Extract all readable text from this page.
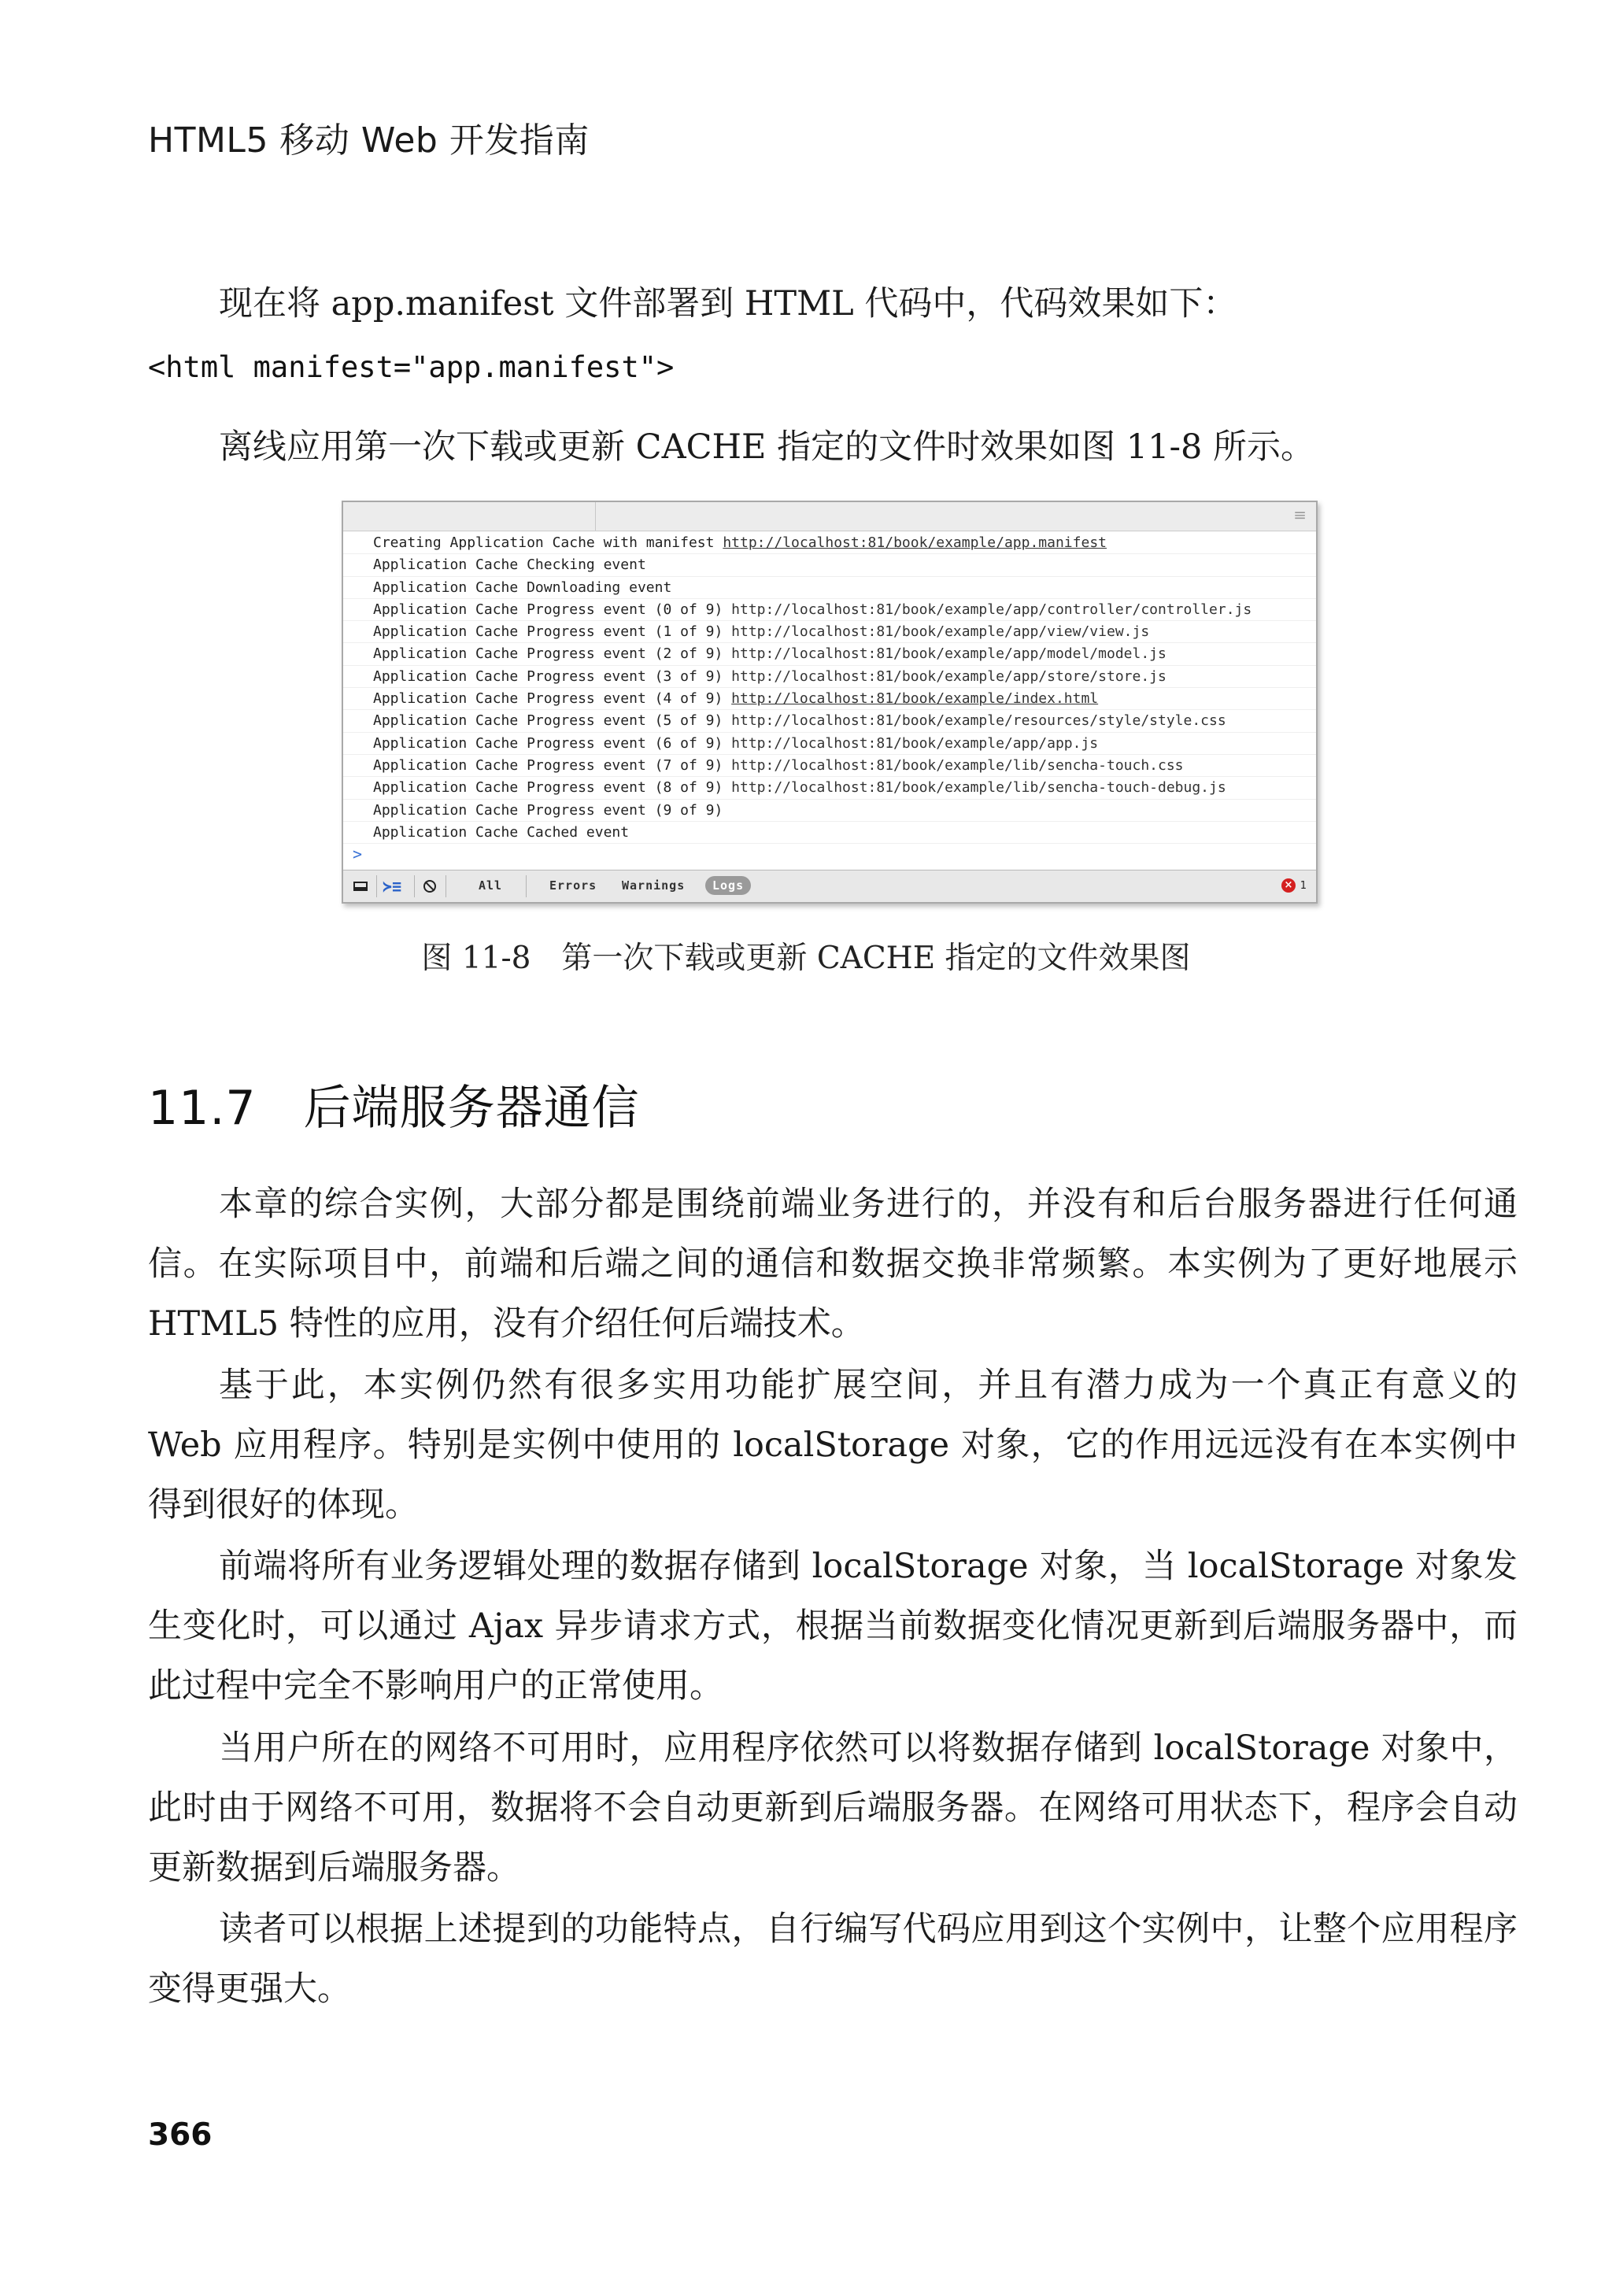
HTML5 移动 Web 开发指南

现在将 app.manifest 文件部署到 HTML 代码中，代码效果如下：

<html manifest="app.manifest">

离线应用第一次下载或更新 CACHE 指定的文件时效果如图 11-8 所示。

≡
Creating Application Cache with manifest http://localhost:81/book/example/app.manifest
Application Cache Checking event
Application Cache Downloading event
Application Cache Progress event (0 of 9) http://localhost:81/book/example/app/controller/controller.js
Application Cache Progress event (1 of 9) http://localhost:81/book/example/app/view/view.js
Application Cache Progress event (2 of 9) http://localhost:81/book/example/app/model/model.js
Application Cache Progress event (3 of 9) http://localhost:81/book/example/app/store/store.js
Application Cache Progress event (4 of 9) http://localhost:81/book/example/index.html
Application Cache Progress event (5 of 9) http://localhost:81/book/example/resources/style/style.css
Application Cache Progress event (6 of 9) http://localhost:81/book/example/app/app.js
Application Cache Progress event (7 of 9) http://localhost:81/book/example/lib/sencha-touch.css
Application Cache Progress event (8 of 9) http://localhost:81/book/example/lib/sencha-touch-debug.js
Application Cache Progress event (9 of 9)
Application Cache Cached event
>
≻≡	All	Errors Warnings	Logs	× 1
图 11-8　第一次下载或更新 CACHE 指定的文件效果图
11.7 后端服务器通信

本章的综合实例，大部分都是围绕前端业务进行的，并没有和后台服务器进行任何通信。在实际项目中，前端和后端之间的通信和数据交换非常频繁。本实例为了更好地展示 HTML5 特性的应用，没有介绍任何后端技术。

基于此，本实例仍然有很多实用功能扩展空间，并且有潜力成为一个真正有意义的 Web 应用程序。特别是实例中使用的 localStorage 对象，它的作用远远没有在本实例中得到很好的体现。

前端将所有业务逻辑处理的数据存储到 localStorage 对象，当 localStorage 对象发生变化时，可以通过 Ajax 异步请求方式，根据当前数据变化情况更新到后端服务器中，而此过程中完全不影响用户的正常使用。

当用户所在的网络不可用时，应用程序依然可以将数据存储到 localStorage 对象中，此时由于网络不可用，数据将不会自动更新到后端服务器。在网络可用状态下，程序会自动更新数据到后端服务器。

读者可以根据上述提到的功能特点，自行编写代码应用到这个实例中，让整个应用程序变得更强大。

366
